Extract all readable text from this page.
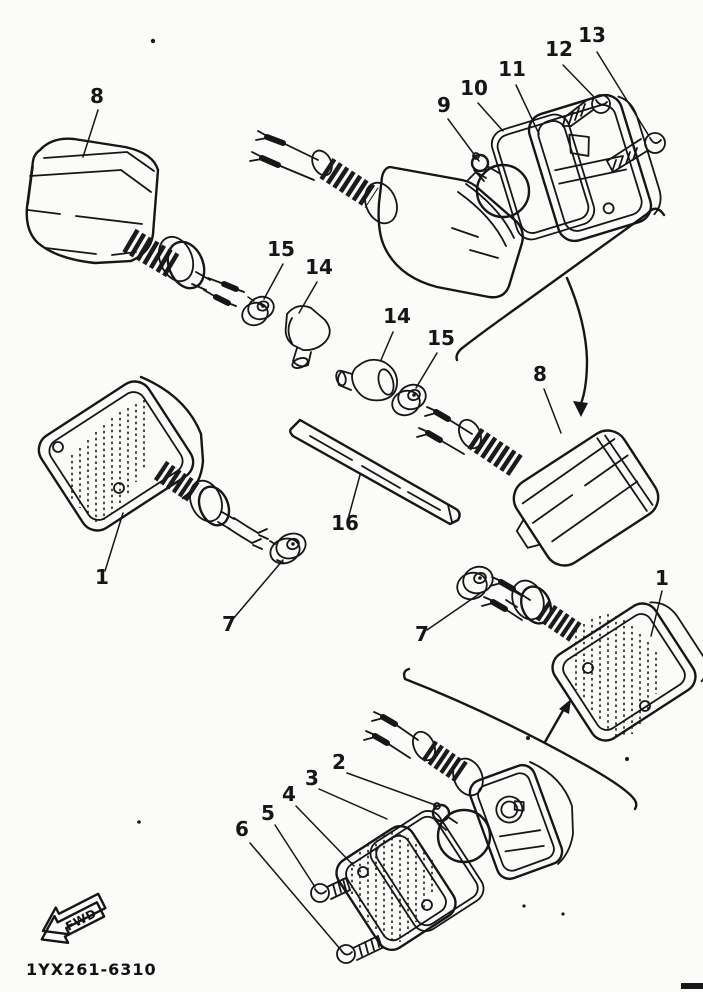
FWD
1YX261-6310
8	9
10
11
12
13
15
14
14
15
8
16
1
7	7
1
2
3
4
5
6
